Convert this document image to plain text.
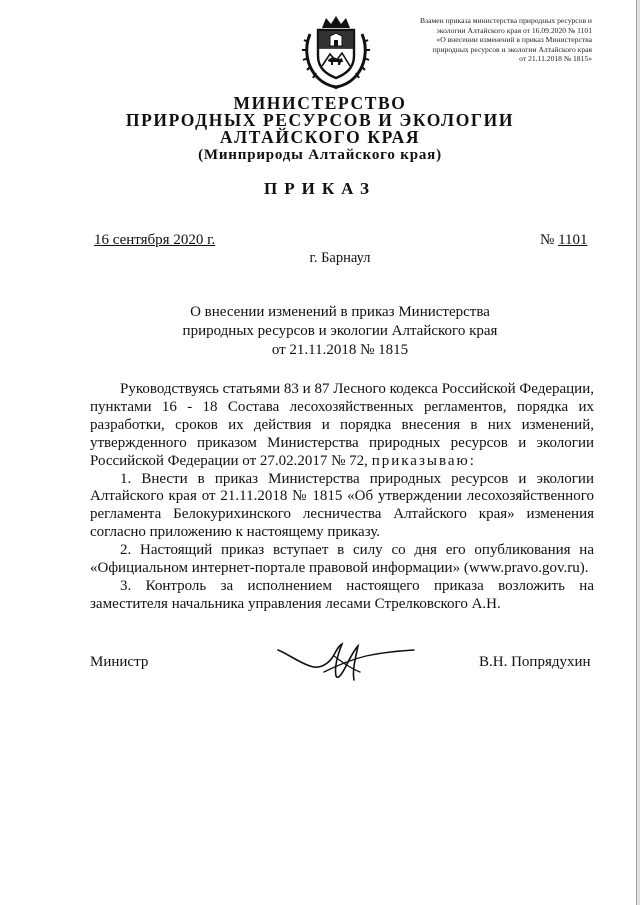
Взамен приказа министерства природных ресурсов и
экологии Алтайского края от 16.09.2020 № 1101
«О внесении изменений в приказ Министерства
природных ресурсов и экологии Алтайского края
от 21.11.2018 № 1815»
МИНИСТЕРСТВО
ПРИРОДНЫХ РЕСУРСОВ И ЭКОЛОГИИ
АЛТАЙСКОГО КРАЯ
(Минприроды Алтайского края)
ПРИКАЗ
16 сентября 2020 г.	№ 1101
г. Барнаул
О внесении изменений в приказ Министерства
природных ресурсов и экологии Алтайского края
от 21.11.2018 № 1815

Руководствуясь статьями 83 и 87 Лесного кодекса Российской Федерации, пунктами 16 - 18 Состава лесохозяйственных регламентов, порядка их разработки, сроков их действия и порядка внесения в них изменений, утвержденного приказом Министерства природных ресурсов и экологии Российской Федерации от 27.02.2017 № 72, приказываю:

1. Внести в приказ Министерства природных ресурсов и экологии Алтайского края от 21.11.2018 № 1815 «Об утверждении лесохозяйственного регламента Белокурихинского лесничества Алтайского края» изменения согласно приложению к настоящему приказу.

2. Настоящий приказ вступает в силу со дня его опубликования на «Официальном интернет-портале правовой информации» (www.pravo.gov.ru).

3. Контроль за исполнением настоящего приказа возложить на заместителя начальника управления лесами Стрелковского А.Н.

Министр	В.Н. Попрядухин
